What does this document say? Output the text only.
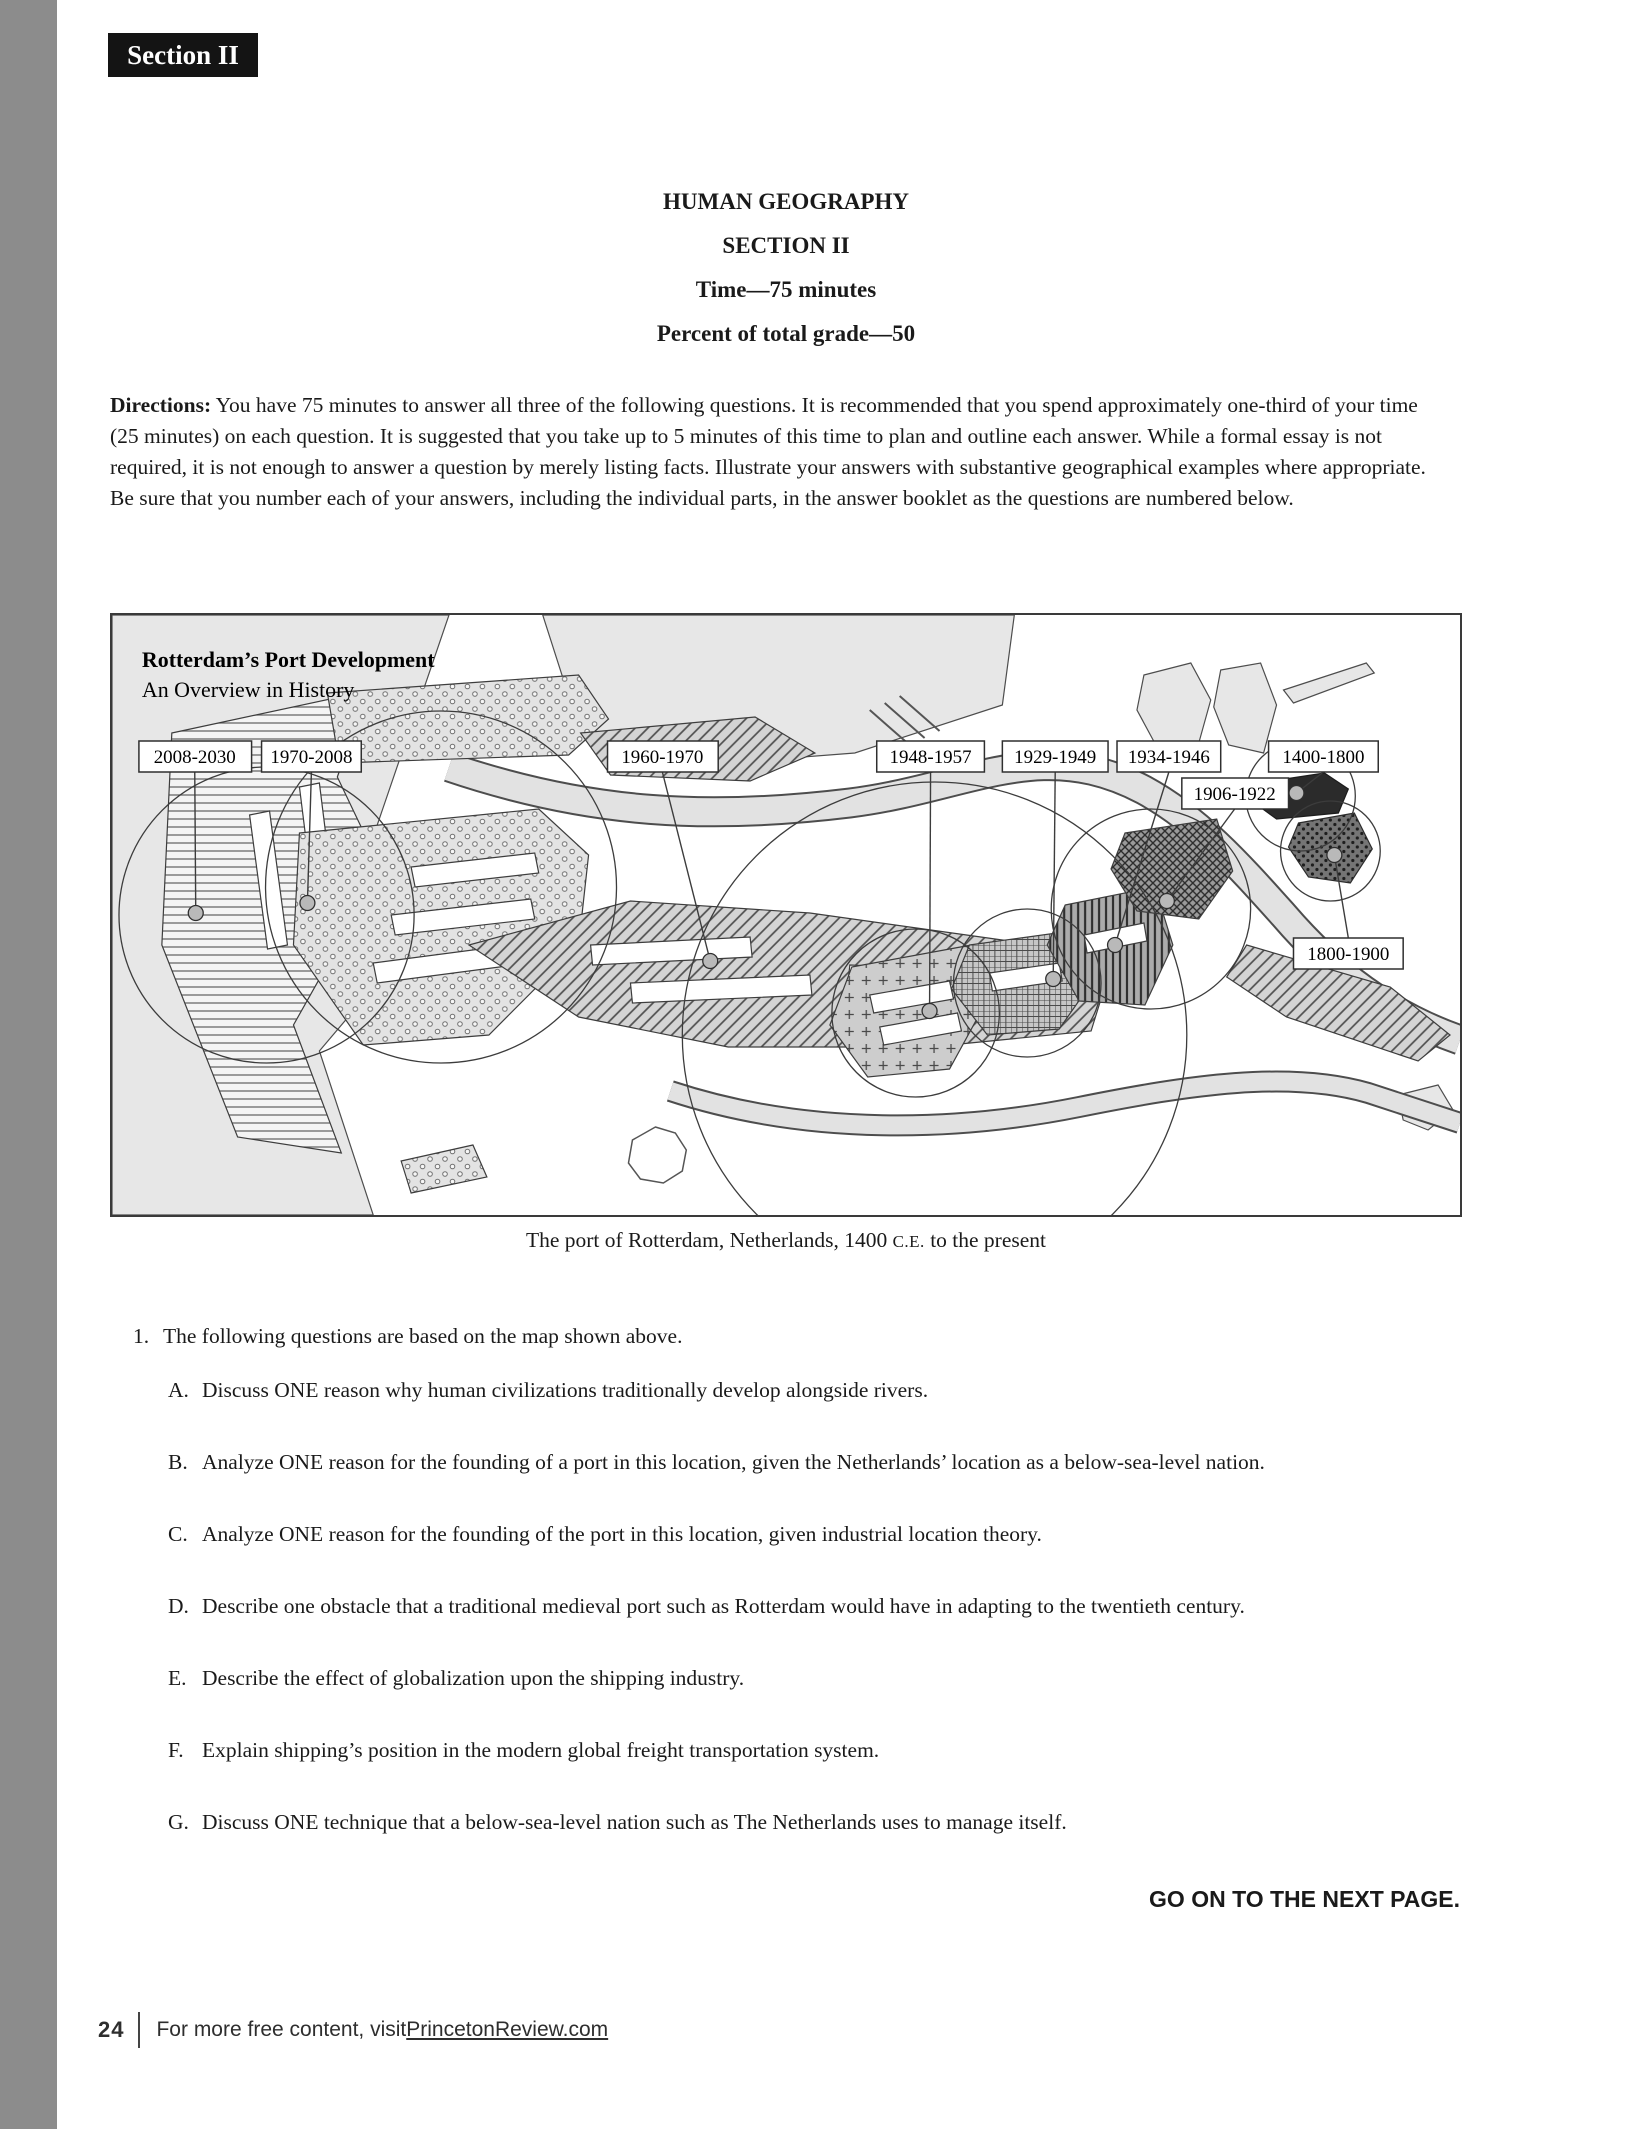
Section II
HUMAN GEOGRAPHY
SECTION II
Time—75 minutes
Percent of total grade—50
Directions: You have 75 minutes to answer all three of the following questions. It is recommended that you spend approximately one-third of your time (25 minutes) on each question. It is suggested that you take up to 5 minutes of this time to plan and outline each answer. While a formal essay is not required, it is not enough to answer a question by merely listing facts. Illustrate your answers with substantive geographical examples where appropriate. Be sure that you number each of your answers, including the individual parts, in the answer booklet as the questions are numbered below.
2008-2030 1970-2008	1960-1970	1948-1957 1929-1949 1934-1946	1400-1800
1906-1922
1800-1900
Rotterdam’s Port Development
An Overview in History
The port of Rotterdam, Netherlands, 1400 C.E. to the present
1. The following questions are based on the map shown above.
A. Discuss ONE reason why human civilizations traditionally develop alongside rivers.
B. Analyze ONE reason for the founding of a port in this location, given the Netherlands’ location as a below-sea-level nation.
C. Analyze ONE reason for the founding of the port in this location, given industrial location theory.
D. Describe one obstacle that a traditional medieval port such as Rotterdam would have in adapting to the twentieth century.
E. Describe the effect of globalization upon the shipping industry.
F. Explain shipping’s position in the modern global freight transportation system.
G. Discuss ONE technique that a below-sea-level nation such as The Netherlands uses to manage itself.
GO ON TO THE NEXT PAGE.
24 For more free content, visit PrincetonReview.com
